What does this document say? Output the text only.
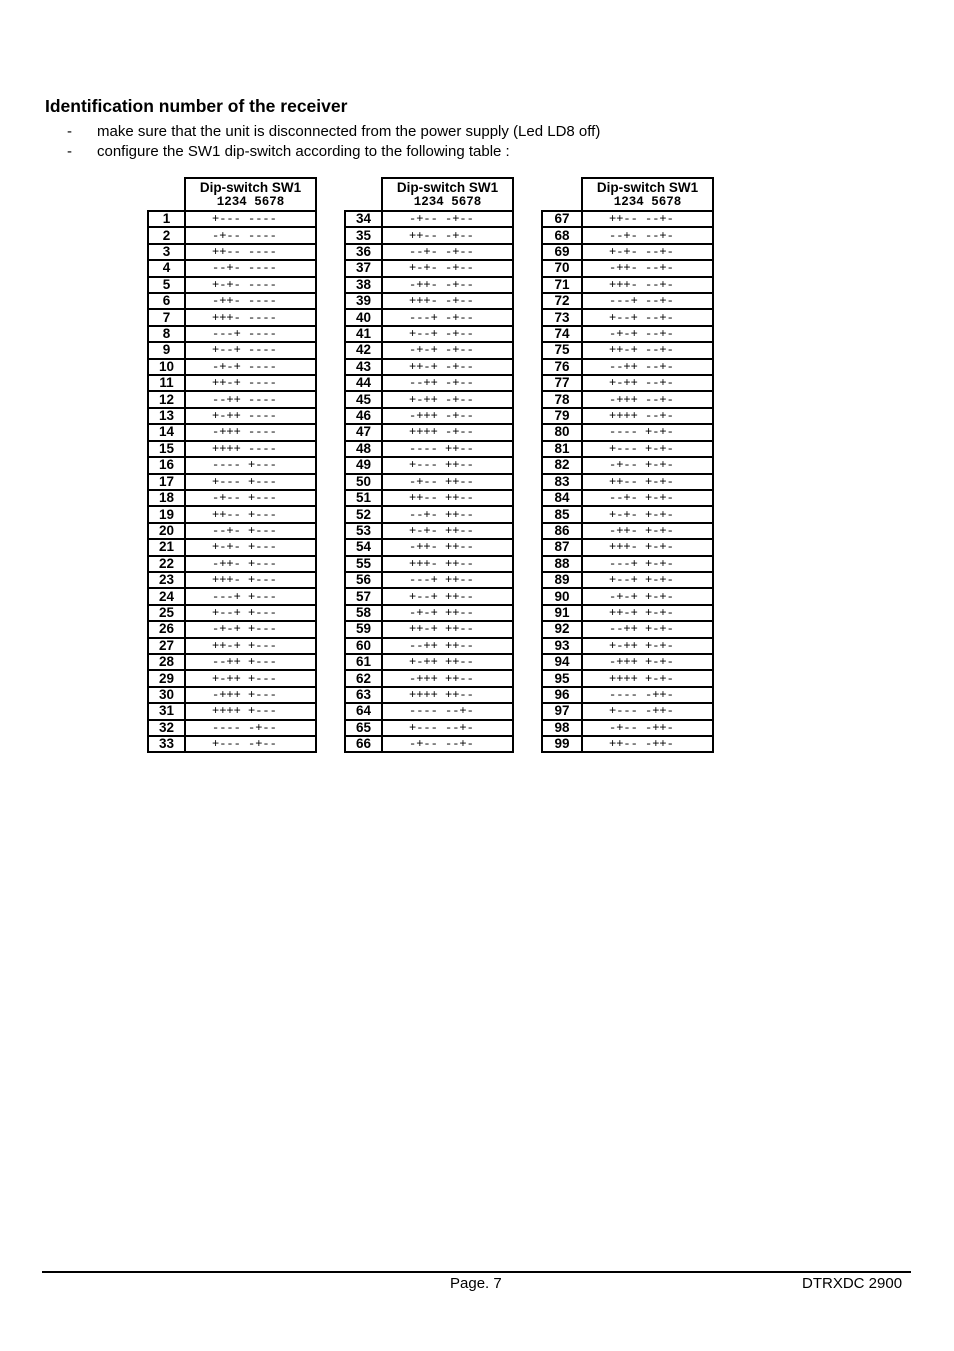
Identification number of the receiver
- make sure that the unit is disconnected from the power supply (Led LD8 off)
- configure the SW1 dip-switch according to the following table :
	Dip-switch SW1
1234 5678

1	+--- ----
2	-+-- ----
3	++-- ----
4	--+- ----
5	+-+- ----
6	-++- ----
7	+++- ----
8	---+ ----
9	+--+ ----
10	-+-+ ----
11	++-+ ----
12	--++ ----
13	+-++ ----
14	-+++ ----
15	++++ ----
16	---- +---
17	+--- +---
18	-+-- +---
19	++-- +---
20	--+- +---
21	+-+- +---
22	-++- +---
23	+++- +---
24	---+ +---
25	+--+ +---
26	-+-+ +---
27	++-+ +---
28	--++ +---
29	+-++ +---
30	-+++ +---
31	++++ +---
32	---- -+--
33	+--- -+--
	Dip-switch SW1
1234 5678

34	-+-- -+--
35	++-- -+--
36	--+- -+--
37	+-+- -+--
38	-++- -+--
39	+++- -+--
40	---+ -+--
41	+--+ -+--
42	-+-+ -+--
43	++-+ -+--
44	--++ -+--
45	+-++ -+--
46	-+++ -+--
47	++++ -+--
48	---- ++--
49	+--- ++--
50	-+-- ++--
51	++-- ++--
52	--+- ++--
53	+-+- ++--
54	-++- ++--
55	+++- ++--
56	---+ ++--
57	+--+ ++--
58	-+-+ ++--
59	++-+ ++--
60	--++ ++--
61	+-++ ++--
62	-+++ ++--
63	++++ ++--
64	---- --+-
65	+--- --+-
66	-+-- --+-
	Dip-switch SW1
1234 5678

67	++-- --+-
68	--+- --+-
69	+-+- --+-
70	-++- --+-
71	+++- --+-
72	---+ --+-
73	+--+ --+-
74	-+-+ --+-
75	++-+ --+-
76	--++ --+-
77	+-++ --+-
78	-+++ --+-
79	++++ --+-
80	---- +-+-
81	+--- +-+-
82	-+-- +-+-
83	++-- +-+-
84	--+- +-+-
85	+-+- +-+-
86	-++- +-+-
87	+++- +-+-
88	---+ +-+-
89	+--+ +-+-
90	-+-+ +-+-
91	++-+ +-+-
92	--++ +-+-
93	+-++ +-+-
94	-+++ +-+-
95	++++ +-+-
96	---- -++-
97	+--- -++-
98	-+-- -++-
99	++-- -++-
Page. 7	DTRXDC 2900
